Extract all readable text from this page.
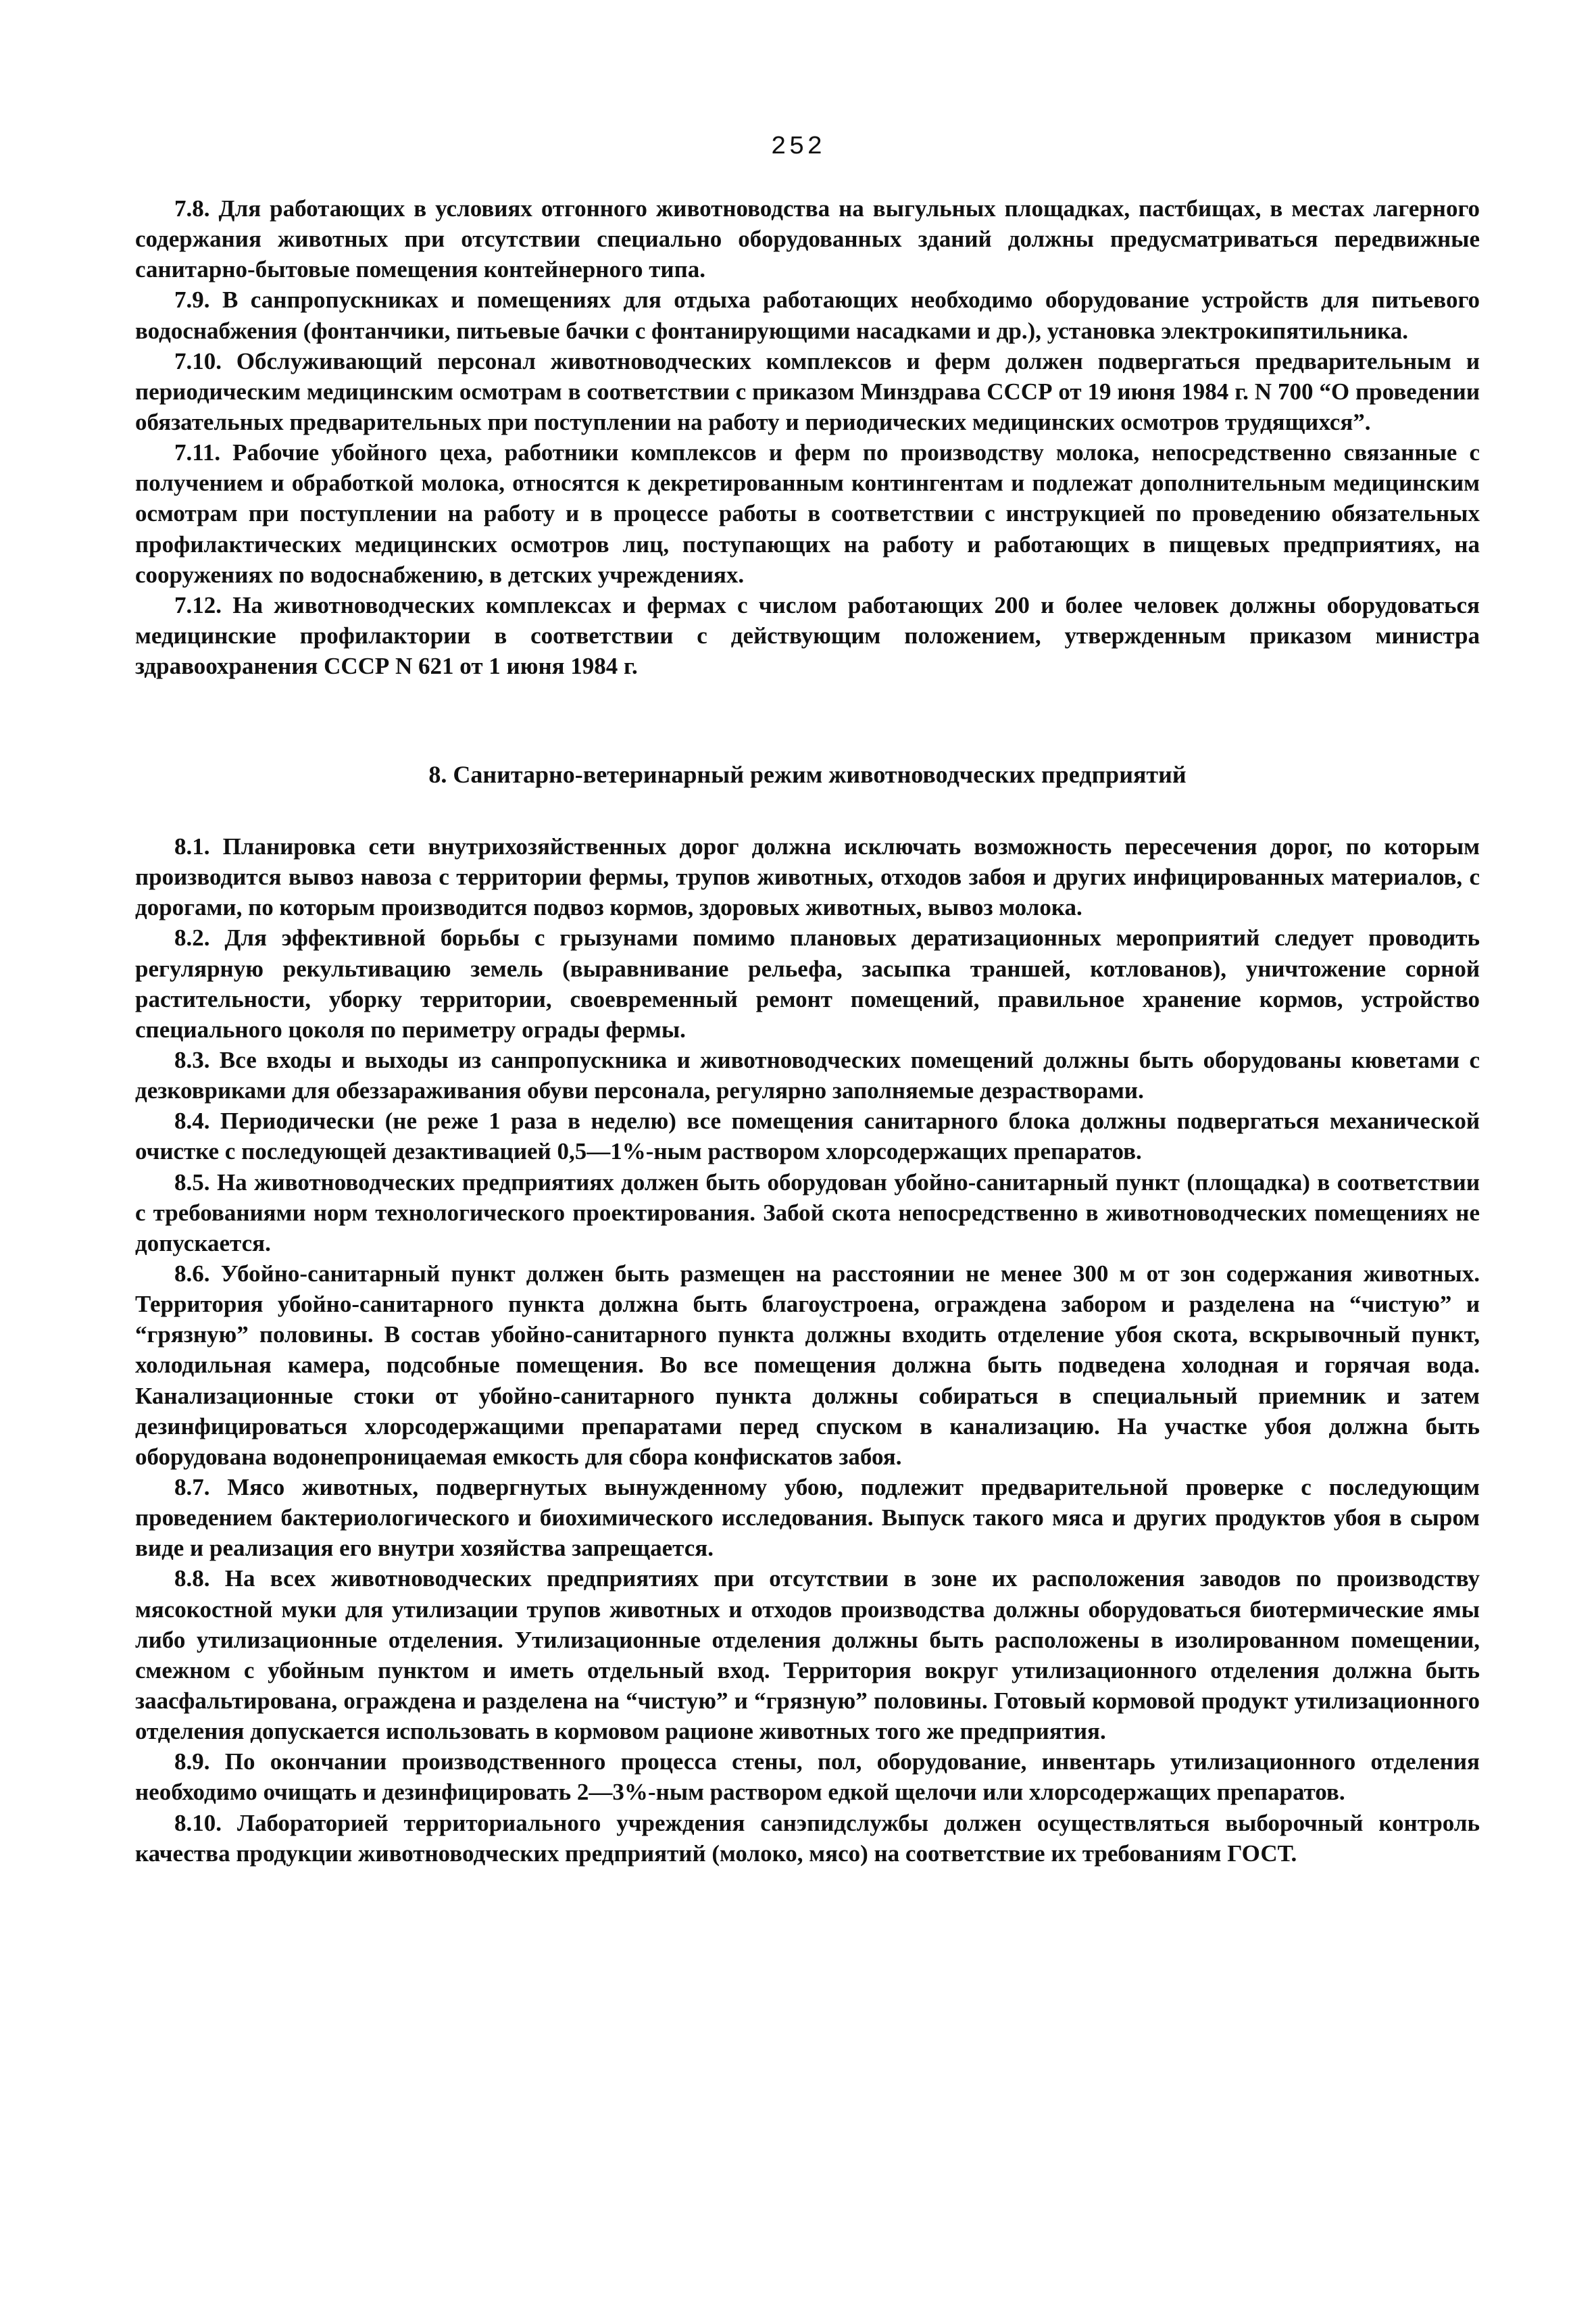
252

7.8. Для работающих в условиях отгонного животноводства на выгульных площадках, пастбищах, в местах лагерного содержания животных при отсутствии специально оборудованных зданий должны предусматриваться передвижные санитарно-бытовые помещения контейнерного типа.

7.9. В санпропускниках и помещениях для отдыха работающих необходимо оборудование устройств для питьевого водоснабжения (фонтанчики, питьевые бачки с фонтанирующими насадками и др.), установка электрокипятильника.

7.10. Обслуживающий персонал животноводческих комплексов и ферм должен подвергаться предварительным и периодическим медицинским осмотрам в соответствии с приказом Минздрава СССР от 19 июня 1984 г. N 700 “О проведении обязательных предварительных при поступлении на работу и периодических медицинских осмотров трудящихся”.

7.11. Рабочие убойного цеха, работники комплексов и ферм по производству молока, непосредственно связанные с получением и обработкой молока, относятся к декретированным контингентам и подлежат дополнительным медицинским осмотрам при поступлении на работу и в процессе работы в соответствии с инструкцией по проведению обязательных профилактических медицинских осмотров лиц, поступающих на работу и работающих в пищевых предприятиях, на сооружениях по водоснабжению, в детских учреждениях.

7.12. На животноводческих комплексах и фермах с числом работающих 200 и более человек должны оборудоваться медицинские профилактории в соответствии с действующим положением, утвержденным приказом министра здравоохранения СССР N 621 от 1 июня 1984 г.

8. Санитарно-ветеринарный режим животноводческих предприятий

8.1. Планировка сети внутрихозяйственных дорог должна исключать возможность пересечения дорог, по которым производится вывоз навоза с территории фермы, трупов животных, отходов забоя и других инфицированных материалов, с дорогами, по которым производится подвоз кормов, здоровых животных, вывоз молока.

8.2. Для эффективной борьбы с грызунами помимо плановых дератизационных мероприятий следует проводить регулярную рекультивацию земель (выравнивание рельефа, засыпка траншей, котлованов), уничтожение сорной растительности, уборку территории, своевременный ремонт помещений, правильное хранение кормов, устройство специального цоколя по периметру ограды фермы.

8.3. Все входы и выходы из санпропускника и животноводческих помещений должны быть оборудованы кюветами с дезковриками для обеззараживания обуви персонала, регулярно заполняемые дезрастворами.

8.4. Периодически (не реже 1 раза в неделю) все помещения санитарного блока должны подвергаться механической очистке с последующей дезактивацией 0,5—1%-ным раствором хлорсодержащих препаратов.

8.5. На животноводческих предприятиях должен быть оборудован убойно-санитарный пункт (площадка) в соответствии с требованиями норм технологического проектирования. Забой скота непосредственно в животноводческих помещениях не допускается.

8.6. Убойно-санитарный пункт должен быть размещен на расстоянии не менее 300 м от зон содержания животных. Территория убойно-санитарного пункта должна быть благоустроена, ограждена забором и разделена на “чистую” и “грязную” половины. В состав убойно-санитарного пункта должны входить отделение убоя скота, вскрывочный пункт, холодильная камера, подсобные помещения. Во все помещения должна быть подведена холодная и горячая вода. Канализационные стоки от убойно-санитарного пункта должны собираться в специальный приемник и затем дезинфицироваться хлорсодержащими препаратами перед спуском в канализацию. На участке убоя должна быть оборудована водонепроницаемая емкость для сбора конфискатов забоя.

8.7. Мясо животных, подвергнутых вынужденному убою, подлежит предварительной проверке с последующим проведением бактериологического и биохимического исследования. Выпуск такого мяса и других продуктов убоя в сыром виде и реализация его внутри хозяйства запрещается.

8.8. На всех животноводческих предприятиях при отсутствии в зоне их расположения заводов по производству мясокостной муки для утилизации трупов животных и отходов производства должны оборудоваться биотермические ямы либо утилизационные отделения. Утилизационные отделения должны быть расположены в изолированном помещении, смежном с убойным пунктом и иметь отдельный вход. Территория вокруг утилизационного отделения должна быть заасфальтирована, ограждена и разделена на “чистую” и “грязную” половины. Готовый кормовой продукт утилизационного отделения допускается использовать в кормовом рационе животных того же предприятия.

8.9. По окончании производственного процесса стены, пол, оборудование, инвентарь утилизационного отделения необходимо очищать и дезинфицировать 2—3%-ным раствором едкой щелочи или хлорсодержащих препаратов.

8.10. Лабораторией территориального учреждения санэпидслужбы должен осуществляться выборочный контроль качества продукции животноводческих предприятий (молоко, мясо) на соответствие их требованиям ГОСТ.
